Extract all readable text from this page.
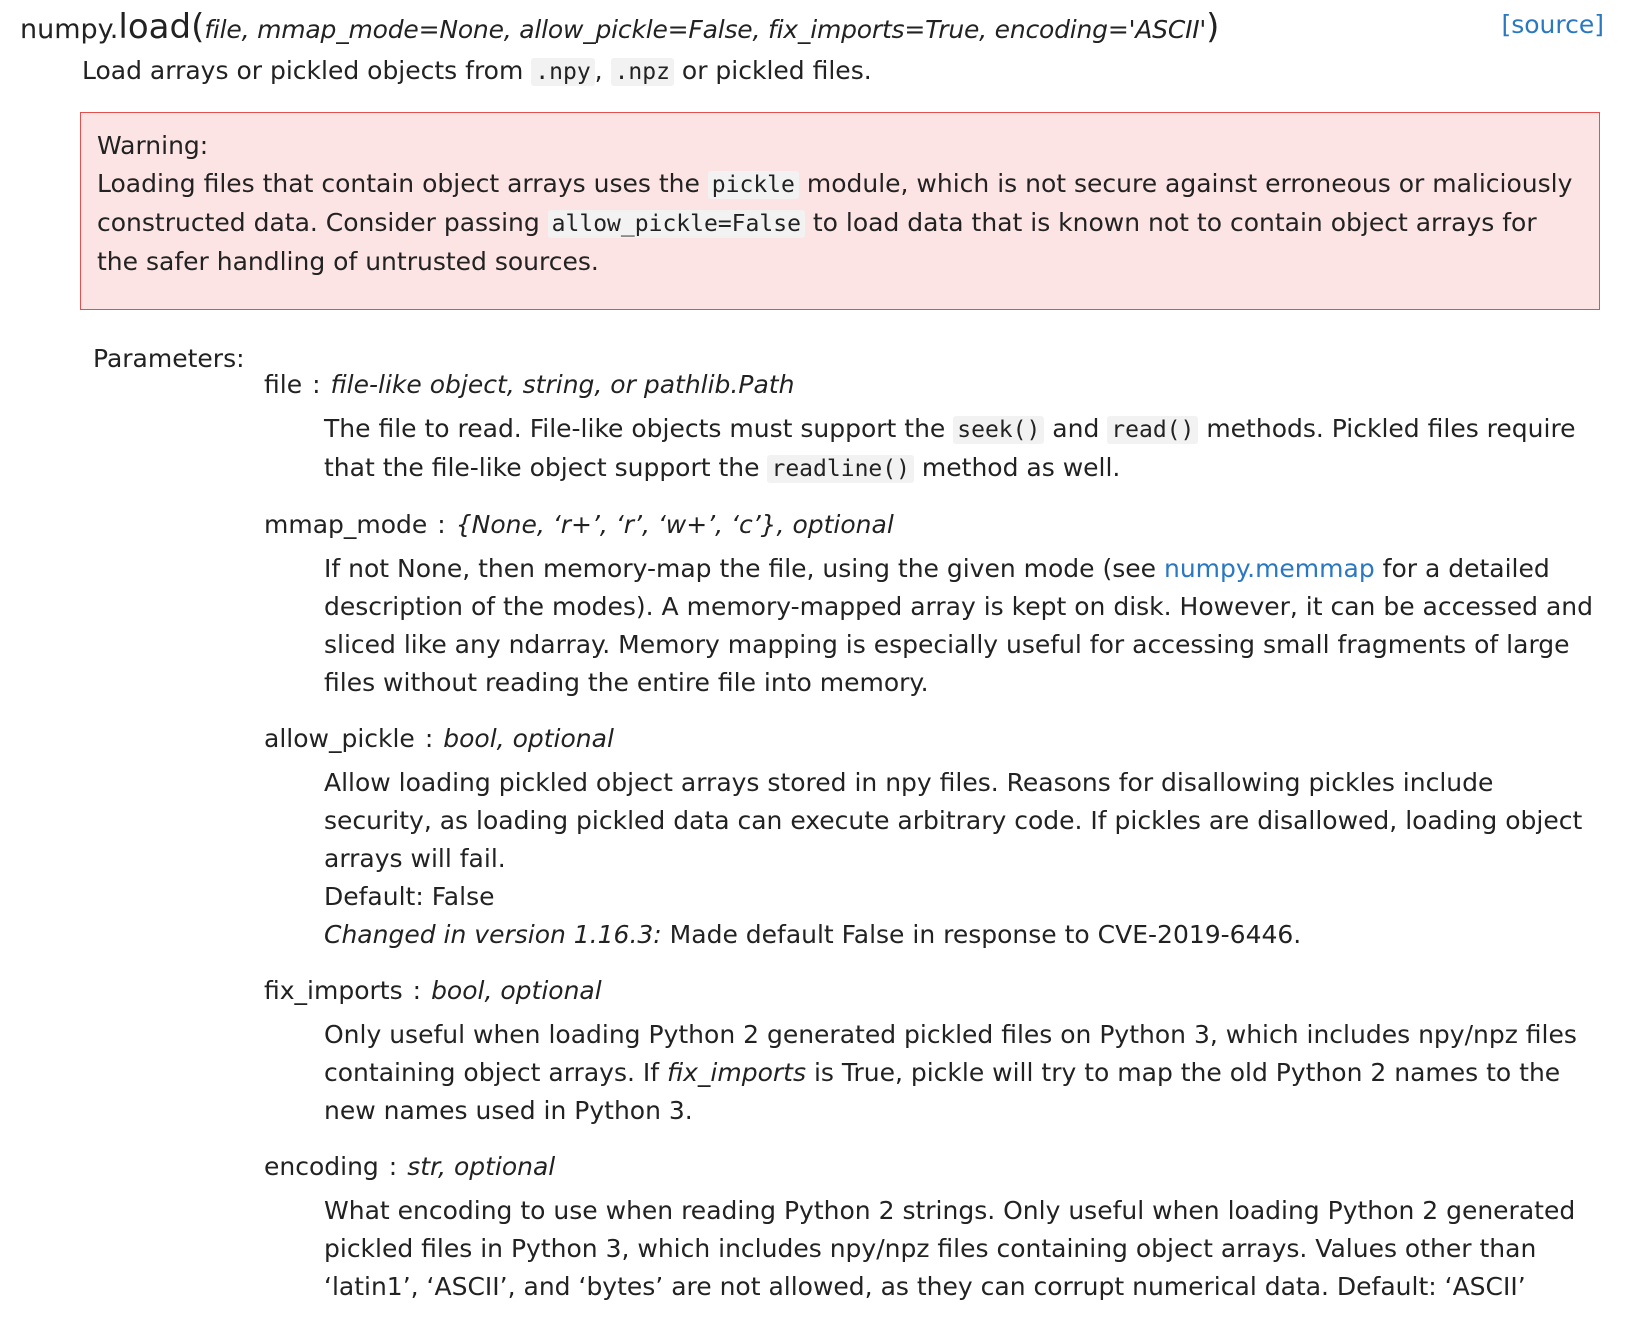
numpy.load(file, mmap_mode=None, allow_pickle=False, fix_imports=True, encoding='ASCII')	[source]
Load arrays or pickled objects from .npy , .npz or pickled files.
Warning:
Loading files that contain object arrays uses the pickle module, which is not secure against erroneous or maliciously constructed data. Consider passing allow_pickle=False to load data that is known not to contain object arrays for the safer handling of untrusted sources.
Parameters:
file : file-like object, string, or pathlib.Path
The file to read. File-like objects must support the seek() and read() methods. Pickled files require that the file-like object support the readline() method as well.
mmap_mode : {None, ‘r+’, ‘r’, ‘w+’, ‘c’}, optional
If not None, then memory-map the file, using the given mode (see numpy.memmap for a detailed description of the modes). A memory-mapped array is kept on disk. However, it can be accessed and sliced like any ndarray. Memory mapping is especially useful for accessing small fragments of large files without reading the entire file into memory.
allow_pickle : bool, optional
Allow loading pickled object arrays stored in npy files. Reasons for disallowing pickles include security, as loading pickled data can execute arbitrary code. If pickles are disallowed, loading object arrays will fail.
Default: False
Changed in version 1.16.3: Made default False in response to CVE-2019-6446.
fix_imports : bool, optional
Only useful when loading Python 2 generated pickled files on Python 3, which includes npy/npz files containing object arrays. If fix_imports is True, pickle will try to map the old Python 2 names to the new names used in Python 3.
encoding : str, optional
What encoding to use when reading Python 2 strings. Only useful when loading Python 2 generated pickled files in Python 3, which includes npy/npz files containing object arrays. Values other than ‘latin1’, ‘ASCII’, and ‘bytes’ are not allowed, as they can corrupt numerical data. Default: ‘ASCII’
